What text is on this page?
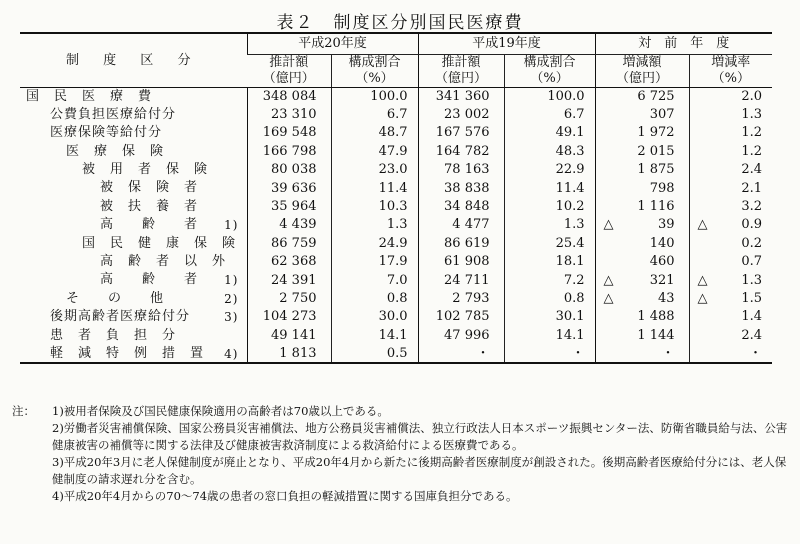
表２　制度区分別国民医療費
制 度 区 分	平成20年度		平成19年度		対　前　年　度	
	推計額	構成割合	推計額	構成割合	増減額	増減率
	（億円）	（%）	（億円）	（%）	（億円）	（%）

国　民　医　療　費	348 084	100.0	341 360	100.0	6 725	2.0

公費負担医療給付分	23 310	6.7	23 002	6.7	307	1.3

医療保険等給付分	169 548	48.7	167 576	49.1	1 972	1.2

医　療　保　険	166 798	47.9	164 782	48.3	2 015	1.2

被　用　者　保　険	80 038	23.0	78 163	22.9	1 875	2.4

被　保　険　者	39 636	11.4	38 838	11.4	798	2.1

被　扶　養　者	35 964	10.3	34 848	10.2	1 116	3.2

高　　齢　　者 1)	4 439	1.3	4 477	1.3	△ 39	△ 0.9

国　民　健　康　保　険	86 759	24.9	86 619	25.4	140	0.2

高　齢　者　以　外	62 368	17.9	61 908	18.1	460	0.7

高　　齢　　者 1)	24 391	7.0	24 711	7.2	△ 321	△ 1.3

そ　　の　　他 2)	2 750	0.8	2 793	0.8	△ 43	△ 1.5

後期高齢者医療給付分 3)	104 273	30.0	102 785	30.1	1 488	1.4

患　者　負　担　分	49 141	14.1	47 996	14.1	1 144	2.4

軽　減　特　例　措　置 4)	1 813	0.5	・	・	・	・
注： 1)被用者保険及び国民健康保険適用の高齢者は70歳以上である。
2)労働者災害補償保険、国家公務員災害補償法、地方公務員災害補償法、独立行政法人日本スポーツ振興センター法、防衛省職員給与法、公害健康被害の補償等に関する法律及び健康被害救済制度による救済給付による医療費である。
3)平成20年3月に老人保健制度が廃止となり、平成20年4月から新たに後期高齢者医療制度が創設された。後期高齢者医療給付分には、老人保健制度の請求遅れ分を含む。
4)平成20年4月からの70〜74歳の患者の窓口負担の軽減措置に関する国庫負担分である。
